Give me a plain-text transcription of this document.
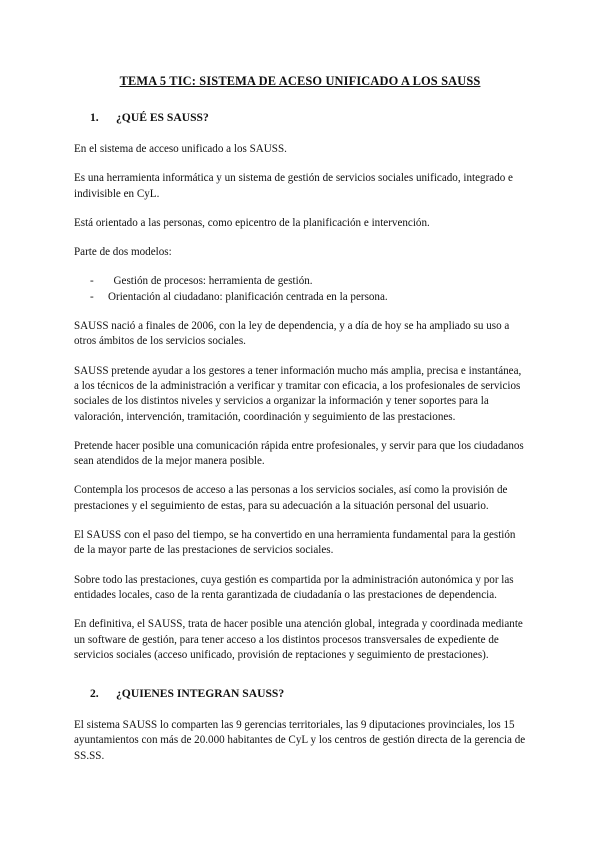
TEMA 5 TIC: SISTEMA DE ACESO UNIFICADO A LOS SAUSS
1.	¿QUÉ ES SAUSS?

En el sistema de acceso unificado a los SAUSS.

Es una herramienta informática y un sistema de gestión de servicios sociales unificado, integrado e indivisible en CyL.

Está orientado a las personas, como epicentro de la planificación e intervención.

Parte de dos modelos:

-	Gestión de procesos: herramienta de gestión.
-	Orientación al ciudadano: planificación centrada en la persona.

SAUSS nació a finales de 2006, con la ley de dependencia, y a día de hoy se ha ampliado su uso a otros ámbitos de los servicios sociales.

SAUSS pretende ayudar a los gestores a tener información mucho más amplia, precisa e instantánea, a los técnicos de la administración a verificar y tramitar con eficacia, a los profesionales de servicios sociales de los distintos niveles y servicios a organizar la información y tener soportes para la valoración, intervención, tramitación, coordinación y seguimiento de las prestaciones.

Pretende hacer posible una comunicación rápida entre profesionales, y servir para que los ciudadanos sean atendidos de la mejor manera posible.

Contempla los procesos de acceso a las personas a los servicios sociales, así como la provisión de prestaciones y el seguimiento de estas, para su adecuación a la situación personal del usuario.

El SAUSS con el paso del tiempo, se ha convertido en una herramienta fundamental para la gestión de la mayor parte de las prestaciones de servicios sociales.

Sobre todo las prestaciones, cuya gestión es compartida por la administración autonómica y por las entidades locales, caso de la renta garantizada de ciudadanía o las prestaciones de dependencia.

En definitiva, el SAUSS, trata de hacer posible una atención global, integrada y coordinada mediante un software de gestión, para tener acceso a los distintos procesos transversales de expediente de servicios sociales (acceso unificado, provisión de reptaciones y seguimiento de prestaciones).

2.	¿QUIENES INTEGRAN SAUSS?

El sistema SAUSS lo comparten las 9 gerencias territoriales, las 9 diputaciones provinciales, los 15 ayuntamientos con más de 20.000 habitantes de CyL y los centros de gestión directa de la gerencia de SS.SS.
